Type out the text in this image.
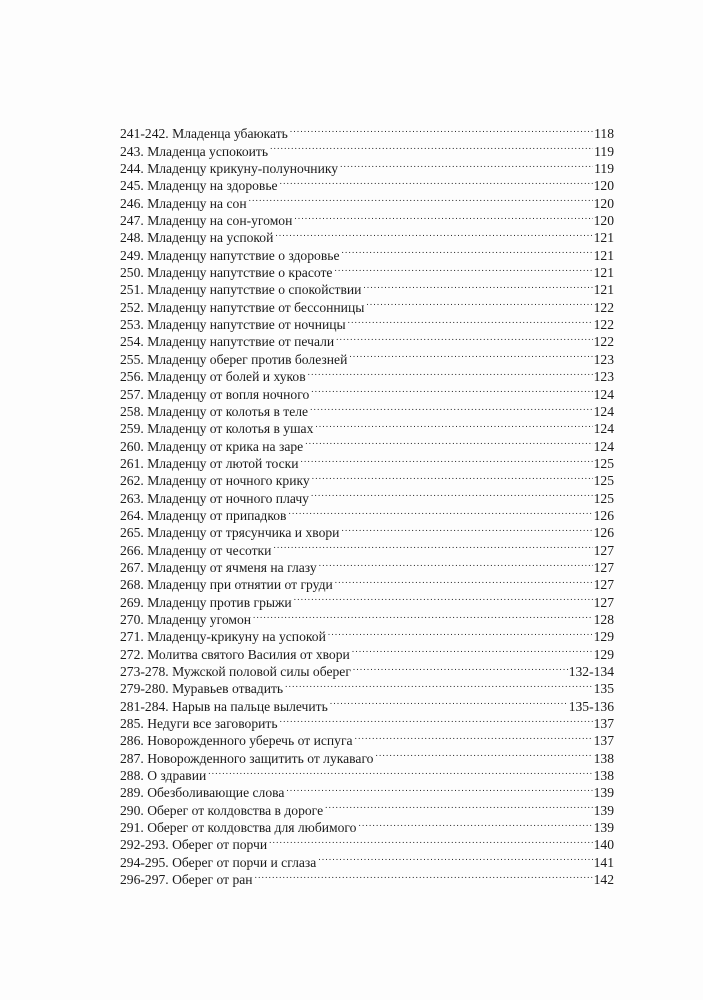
241-242. Младенца убаюкать . . .	118
243. Младенца успокоить . . .	119
244. Младенцу крикуну-полуночнику . . .	119
245. Младенцу на здоровье . . .	120
246. Младенцу на сон . . .	120
247. Младенцу на сон-угомон . . .	120
248. Младенцу на успокой . . .	121
249. Младенцу напутствие о здоровье . . .	121
250. Младенцу напутствие о красоте . . .	121
251. Младенцу напутствие о спокойствии . . .	121
252. Младенцу напутствие от бессонницы . . .	122
253. Младенцу напутствие от ночницы . . .	122
254. Младенцу напутствие от печали . . .	122
255. Младенцу оберег против болезней . . .	123
256. Младенцу от болей и хуков . . .	123
257. Младенцу от вопля ночного . . .	124
258. Младенцу от колотья в теле . . .	124
259. Младенцу от колотья в ушах . . .	124
260. Младенцу от крика на заре . . .	124
261. Младенцу от лютой тоски . . .	125
262. Младенцу от ночного крику . . .	125
263. Младенцу от ночного плачу . . .	125
264. Младенцу от припадков . . .	126
265. Младенцу от трясунчика и хвори . . .	126
266. Младенцу от чесотки . . .	127
267. Младенцу от ячменя на глазу . . .	127
268. Младенцу при отнятии от груди . . .	127
269. Младенцу против грыжи . . .	127
270. Младенцу угомон . . .	128
271. Младенцу-крикуну на успокой . . .	129
272. Молитва святого Василия от хвори . . .	129
273-278. Мужской половой силы оберег . . .	132-134
279-280. Муравьев отвадить . . .	135
281-284. Нарыв на пальце вылечить . . .	135-136
285. Недуги все заговорить . . .	137
286. Новорожденного уберечь от испуга . . .	137
287. Новорожденного защитить от лукаваго . . .	138
288. О здравии . . .	138
289. Обезболивающие слова . . .	139
290. Оберег от колдовства в дороге . . .	139
291. Оберег от колдовства для любимого . . .	139
292-293. Оберег от порчи . . .	140
294-295. Оберег от порчи и сглаза . . .	141
296-297. Оберег от ран . . .	142
